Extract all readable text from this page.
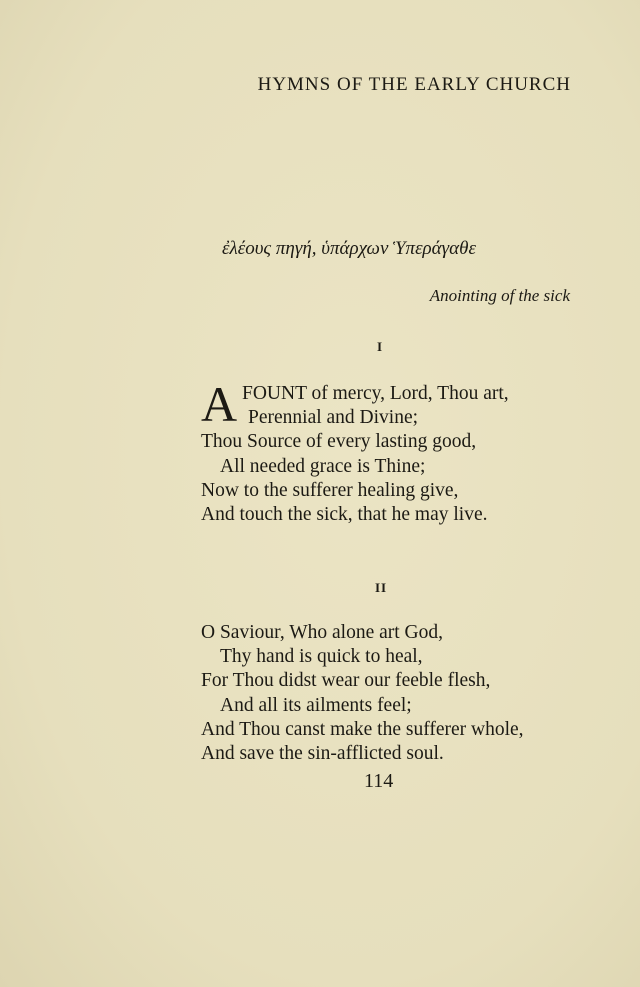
HYMNS OF THE EARLY CHURCH
ἐλέους πηγή, ὑπάρχων Ὑπεράγαθε
Anointing of the sick
I
A FOUNT of mercy, Lord, Thou art,
Perennial and Divine;
Thou Source of every lasting good,
All needed grace is Thine;
Now to the sufferer healing give,
And touch the sick, that he may live.
II
O Saviour, Who alone art God,
Thy hand is quick to heal,
For Thou didst wear our feeble flesh,
And all its ailments feel;
And Thou canst make the sufferer whole,
And save the sin-afflicted soul.
114
